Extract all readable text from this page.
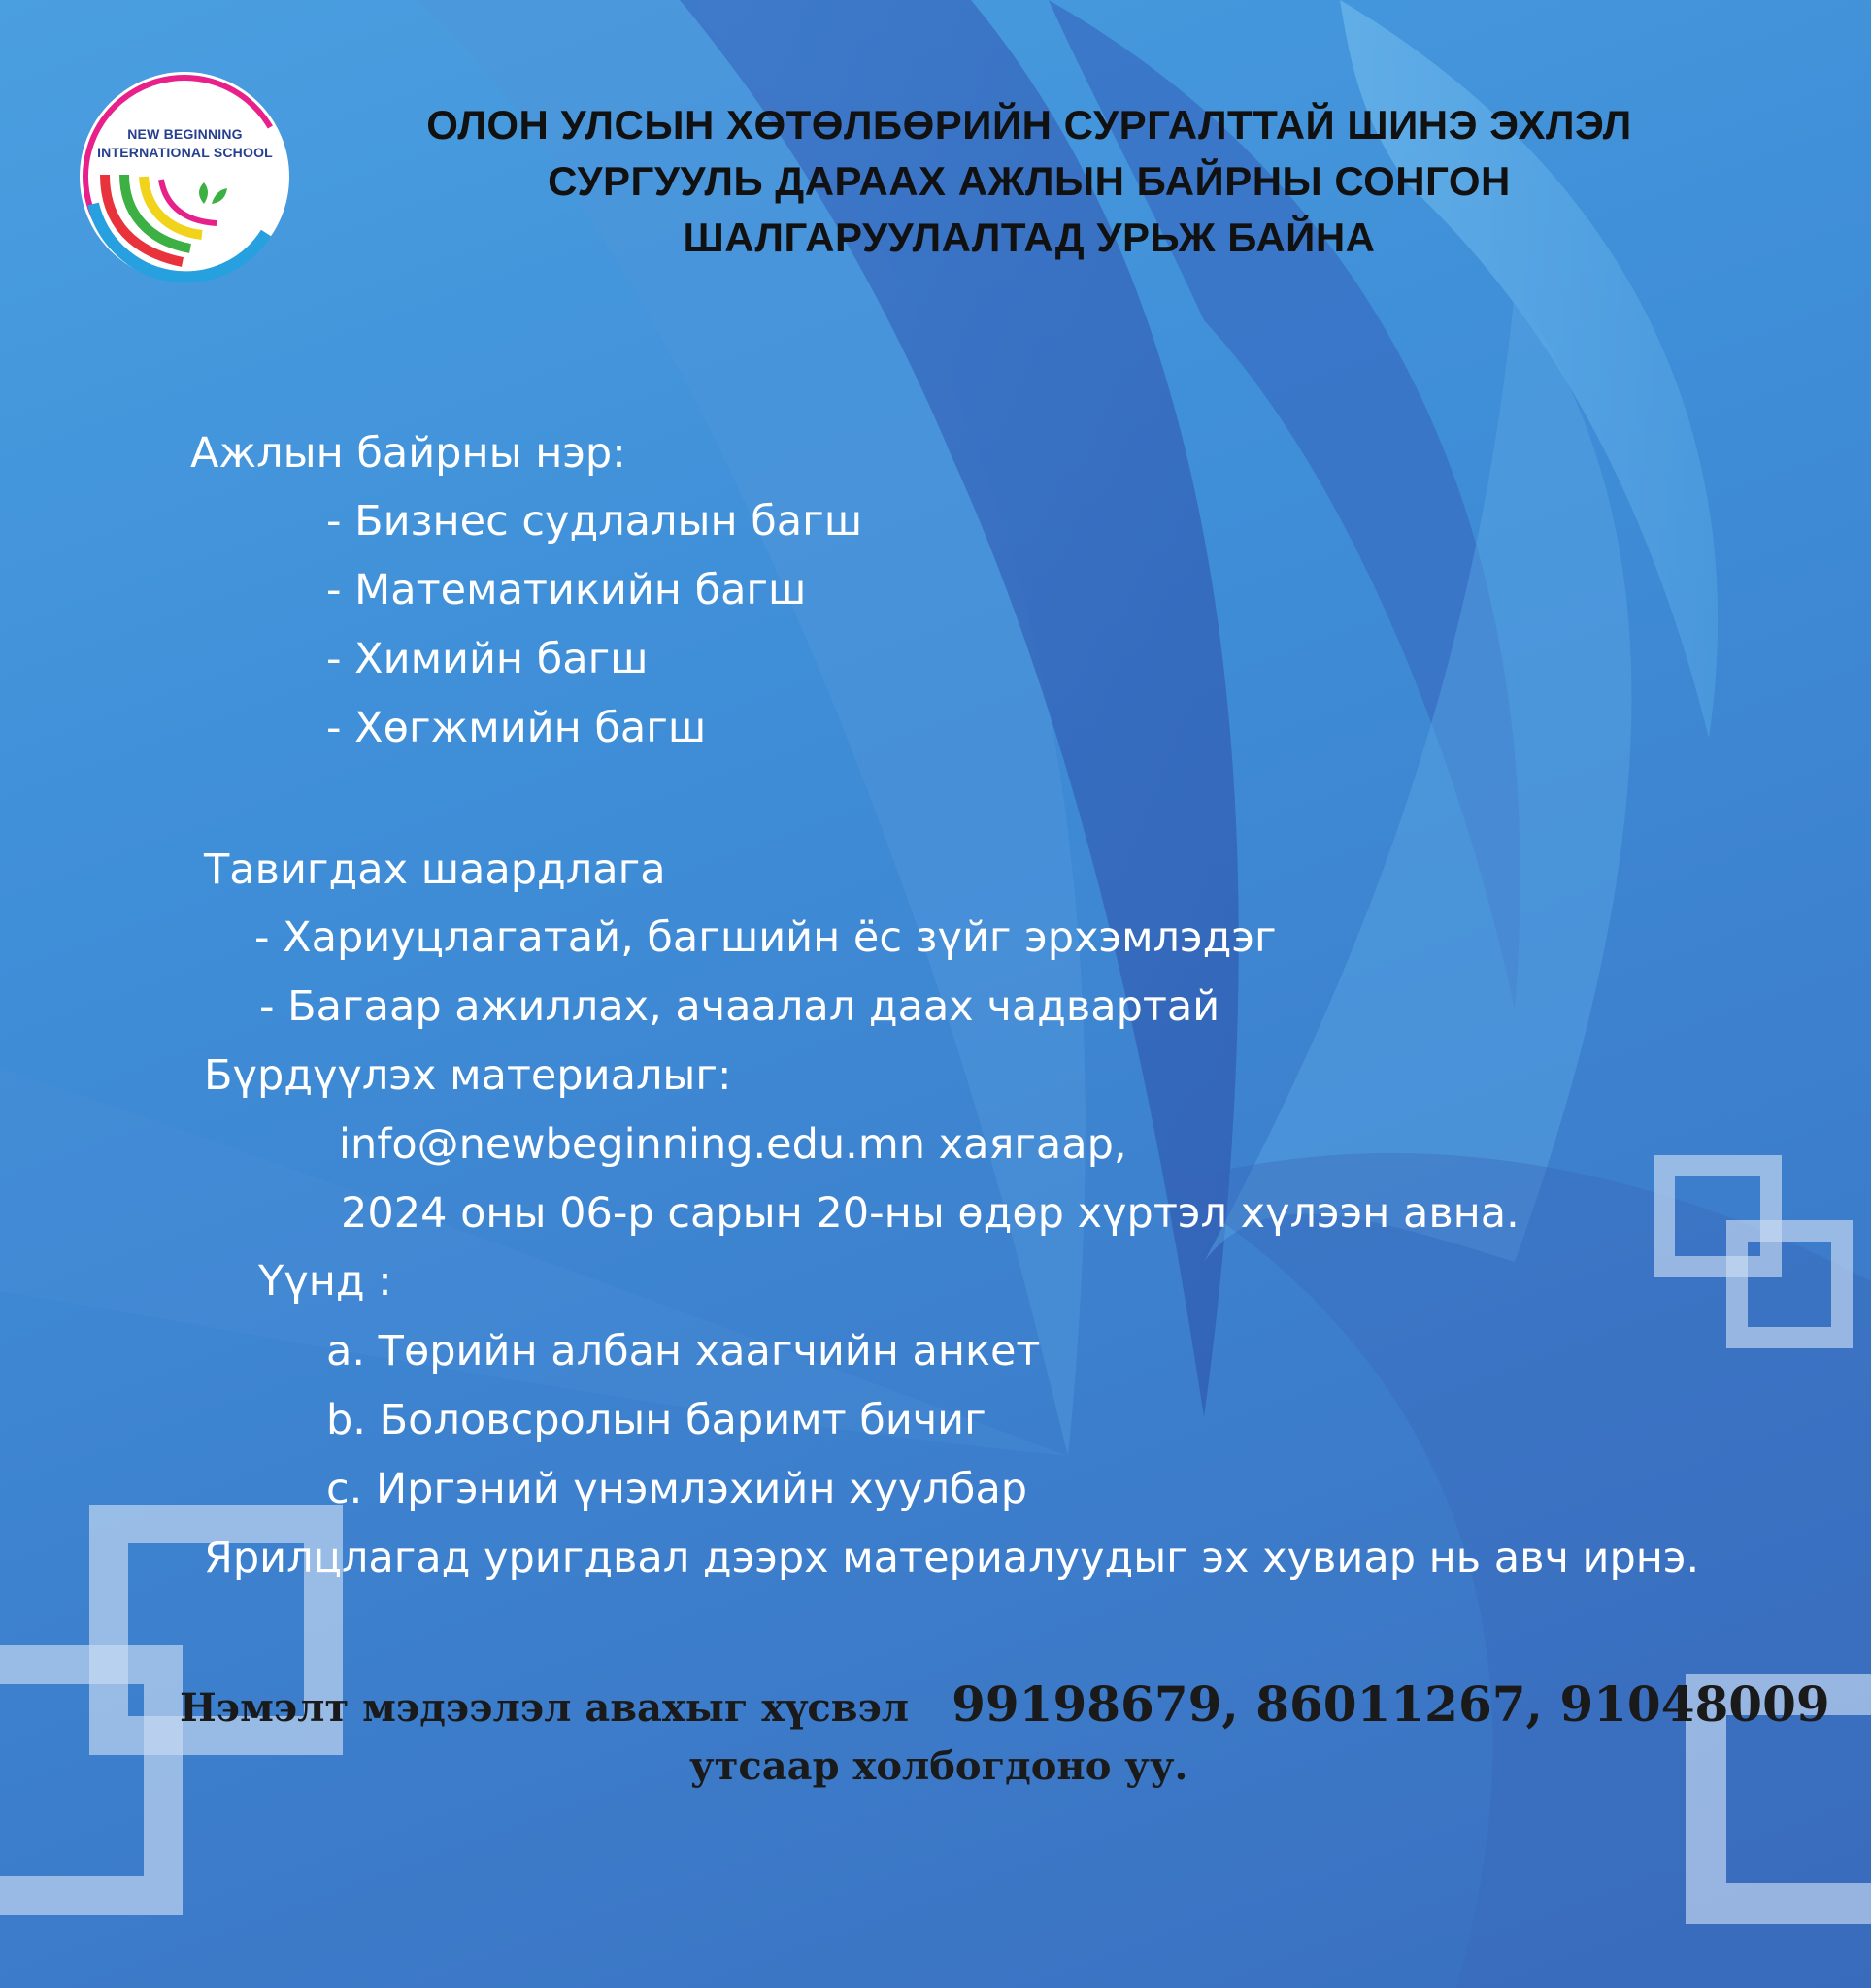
NEW BEGINNING
INTERNATIONAL SCHOOL
ОЛОН УЛСЫН ХӨТӨЛБӨРИЙН СУРГАЛТТАЙ ШИНЭ ЭХЛЭЛ
СУРГУУЛЬ ДАРААХ АЖЛЫН БАЙРНЫ СОНГОН
ШАЛГАРУУЛАЛТАД УРЬЖ БАЙНА
Ажлын байрны нэр:
- Бизнес судлалын багш
- Математикийн багш
- Химийн багш
- Хөгжмийн багш
Тавигдах шаардлага
- Хариуцлагатай, багшийн ёс зүйг эрхэмлэдэг
- Багаар ажиллах, ачаалал даах чадвартай
Бүрдүүлэх материалыг:
info@newbeginning.edu.mn хаягаар,
2024 оны 06-р сарын 20-ны өдөр хүртэл хүлээн авна.
Үүнд :
a. Төрийн албан хаагчийн анкет
b. Боловсролын баримт бичиг
c. Иргэний үнэмлэхийн хуулбар
Ярилцлагад уригдвал дээрх материалуудыг эх хувиар нь авч ирнэ.
Нэмэлт мэдээлэл авахыг хүсвэл 99198679, 86011267, 91048009
утсаар холбогдоно уу.
